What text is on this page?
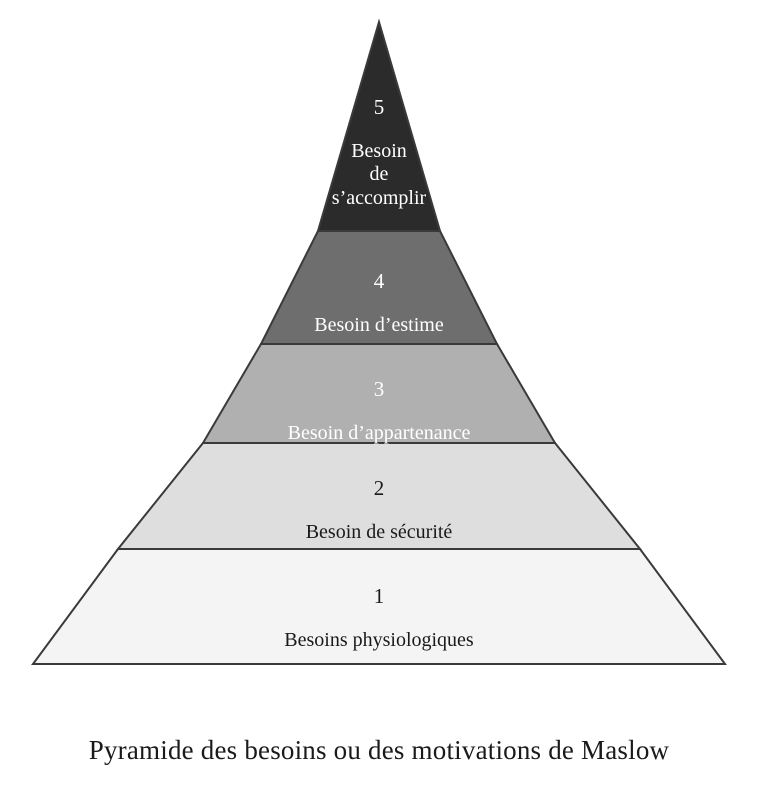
5

Besoin
de
s’accomplir

4

Besoin d’estime

3

Besoin d’appartenance

2

Besoin de sécurité

1

Besoins physiologiques

Pyramide des besoins ou des motivations de Maslow
